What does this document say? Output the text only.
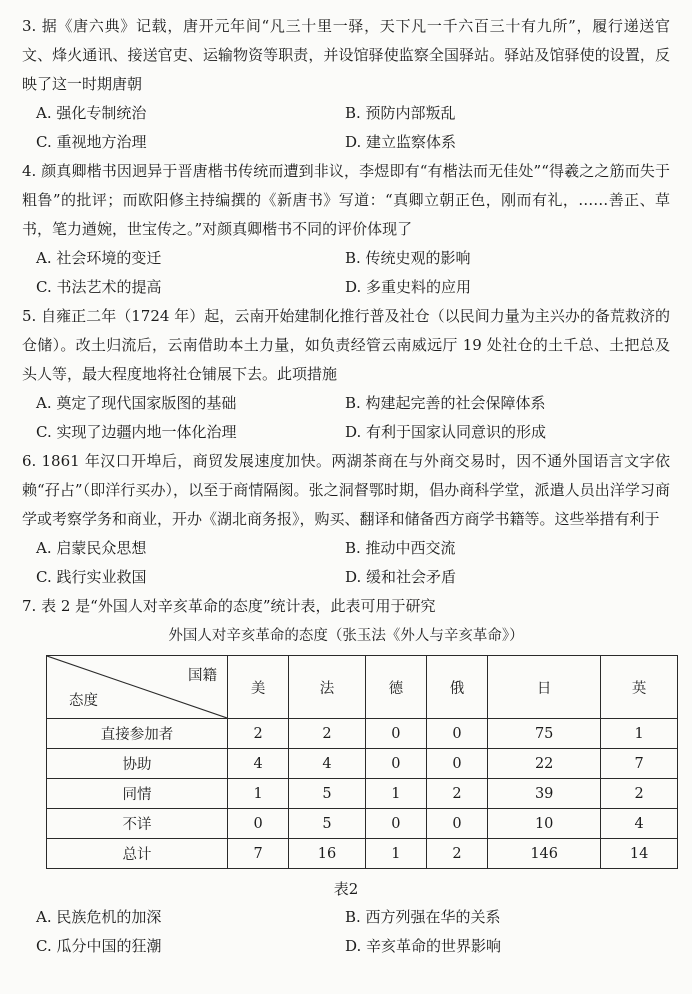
3. 据《唐六典》记载，唐开元年间“凡三十里一驿，天下凡一千六百三十有九所”，履行递送官文、烽火通讯、接送官吏、运输物资等职责，并设馆驿使监察全国驿站。驿站及馆驿使的设置，反映了这一时期唐朝

A. 强化专制统治	B. 预防内部叛乱
C. 重视地方治理	D. 建立监察体系

4. 颜真卿楷书因迥异于晋唐楷书传统而遭到非议，李煜即有“有楷法而无佳处”“得羲之之筋而失于粗鲁”的批评；而欧阳修主持编撰的《新唐书》写道：“真卿立朝正色，刚而有礼，……善正、草书，笔力遒婉，世宝传之。”对颜真卿楷书不同的评价体现了

A. 社会环境的变迁	B. 传统史观的影响
C. 书法艺术的提高	D. 多重史料的应用

5. 自雍正二年（1724 年）起，云南开始建制化推行普及社仓（以民间力量为主兴办的备荒救济的仓储）。改土归流后，云南借助本土力量，如负责经管云南威远厅 19 处社仓的土千总、土把总及头人等，最大程度地将社仓铺展下去。此项措施

A. 奠定了现代国家版图的基础	B. 构建起完善的社会保障体系
C. 实现了边疆内地一体化治理	D. 有利于国家认同意识的形成

6. 1861 年汉口开埠后，商贸发展速度加快。两湖茶商在与外商交易时，因不通外国语言文字依赖“孖占”（即洋行买办），以至于商情隔阂。张之洞督鄂时期，倡办商科学堂，派遣人员出洋学习商学或考察学务和商业，开办《湖北商务报》，购买、翻译和储备西方商学书籍等。这些举措有利于

A. 启蒙民众思想	B. 推动中西交流
C. 践行实业救国	D. 缓和社会矛盾

7. 表 2 是“外国人对辛亥革命的态度”统计表，此表可用于研究

外国人对辛亥革命的态度（张玉法《外人与辛亥革命》）
国籍
态度	美	法	德	俄	日	英
直接参加者	2	2	0	0	75	1
协助	4	4	0	0	22	7
同情	1	5	1	2	39	2
不详	0	5	0	0	10	4
总计	7	16	1	2	146	14
表2
A. 民族危机的加深	B. 西方列强在华的关系
C. 瓜分中国的狂潮	D. 辛亥革命的世界影响
